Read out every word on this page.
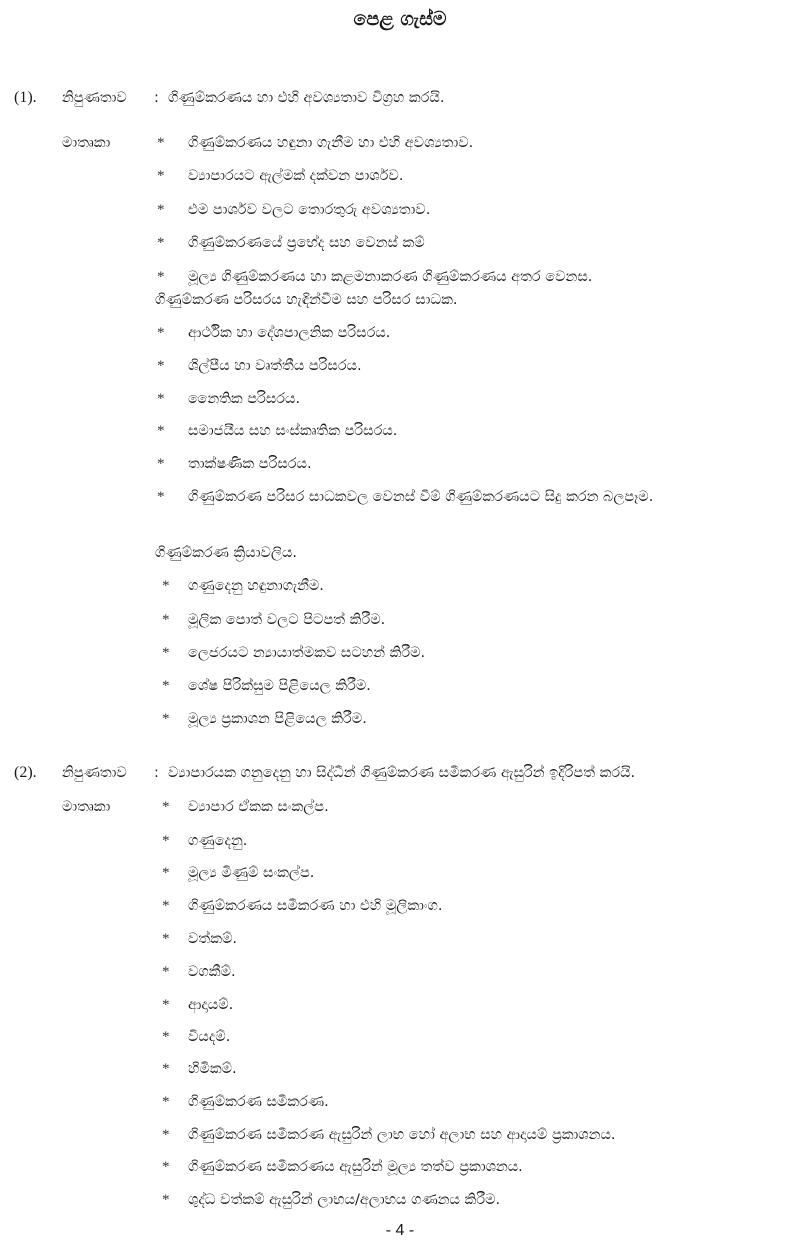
පෙළ ගැස්ම
(1). නිපුණතාව : ගිණුම්කරණය හා එහි අවශ්‍යතාව විග්‍රහ කරයි.
මාතෘකා	* ගිණුම්කරණය හඳුනා ගැනීම හා එහි අවශ්‍යතාව.
* ව්‍යාපාරයට ඇල්මක් දක්වන පාර්ශව.
* එම පාර්ශව වලට තොරතුරු අවශ්‍යතාව.
* ගිණුම්කරණයේ ප්‍රභේද සහ වෙනස් කම්
* මූල්‍ය ගිණුම්කරණය හා කළමනාකරණ ගිණුම්කරණය අතර වෙනස.
ගිණුම්කරණ පරිසරය හැඳින්වීම සහ පරිසර සාධක.
* ආර්ථික හා දේශපාලනික පරිසරය.
* ශිල්පීය හා වෘත්තීය පරිසරය.
* නෛතික පරිසරය.
* සමාජයීය සහ සංස්කෘතික පරිසරය.
* තාක්ෂණික පරිසරය.
* ගිණුම්කරණ පරිසර සාධකවල වෙනස් වීම් ගිණුම්කරණයට සිදු කරන බලපෑම.
ගිණුම්කරණ ක්‍රියාවලිය.
* ගණුදෙනු හඳුනාගැනීම.
* මූලික පොත් වලට පිටපත් කිරීම.
* ලෙජරයට න්‍යායාත්මකව සටහන් කිරීම.
* ශේෂ පිරික්සුම පිළියෙල කිරීම.
* මූල්‍ය ප්‍රකාශන පිළියෙල කිරීම.
(2). නිපුණතාව : ව්‍යාපාරයක ගනුදෙනු හා සිද්ධීන් ගිණුම්කරණ සමීකරණ ඇසුරින් ඉදිරිපත් කරයි.
මාතෘකා	* ව්‍යාපාර ඒකක සංකල්ප.
* ගණුදෙනු.
* මූල්‍ය මිණුම් සංකල්ප.
* ගිණුම්කරණය සමීකරණ හා එහි මූලිකාංග.
* වත්කම්.
* වගකීම්.
* ආදායම්.
* වියදම්.
* හිමිකම්.
* ගිණුම්කරණ සමීකරණ.
* ගිණුම්කරණ සමීකරණ ඇසුරින් ලාභ හෝ අලාභ සහ ආදායම් ප්‍රකාශනය.
* ගිණුම්කරණ සමීකරණය ඇසුරින් මූල්‍ය තත්ව ප්‍රකාශනය.
* ශුද්ධ වත්කම් ඇසුරින් ලාභය/අලාභය ගණනය කිරීම.
- 4 -
